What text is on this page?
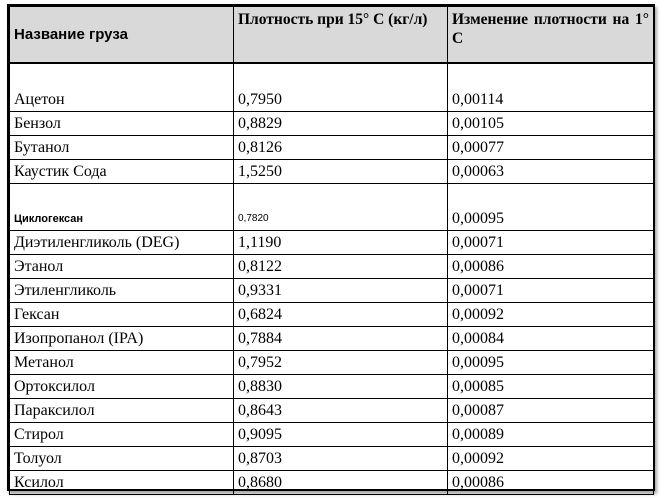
Название груза	Плотность при 15° С (кг/л)	Изменение плотности на 1° С
Ацетон	0,7950	0,00114
Бензол	0,8829	0,00105
Бутанол	0,8126	0,00077
Каустик Сода	1,5250	0,00063
Циклогексан	0,7820	0,00095
Диэтиленгликоль (DEG)	1,1190	0,00071
Этанол	0,8122	0,00086
Этиленгликоль	0,9331	0,00071
Гексан	0,6824	0,00092
Изопропанол (IPA)	0,7884	0,00084
Метанол	0,7952	0,00095
Ортоксилол	0,8830	0,00085
Параксилол	0,8643	0,00087
Стирол	0,9095	0,00089
Толуол	0,8703	0,00092
Ксилол	0,8680	0,00086
